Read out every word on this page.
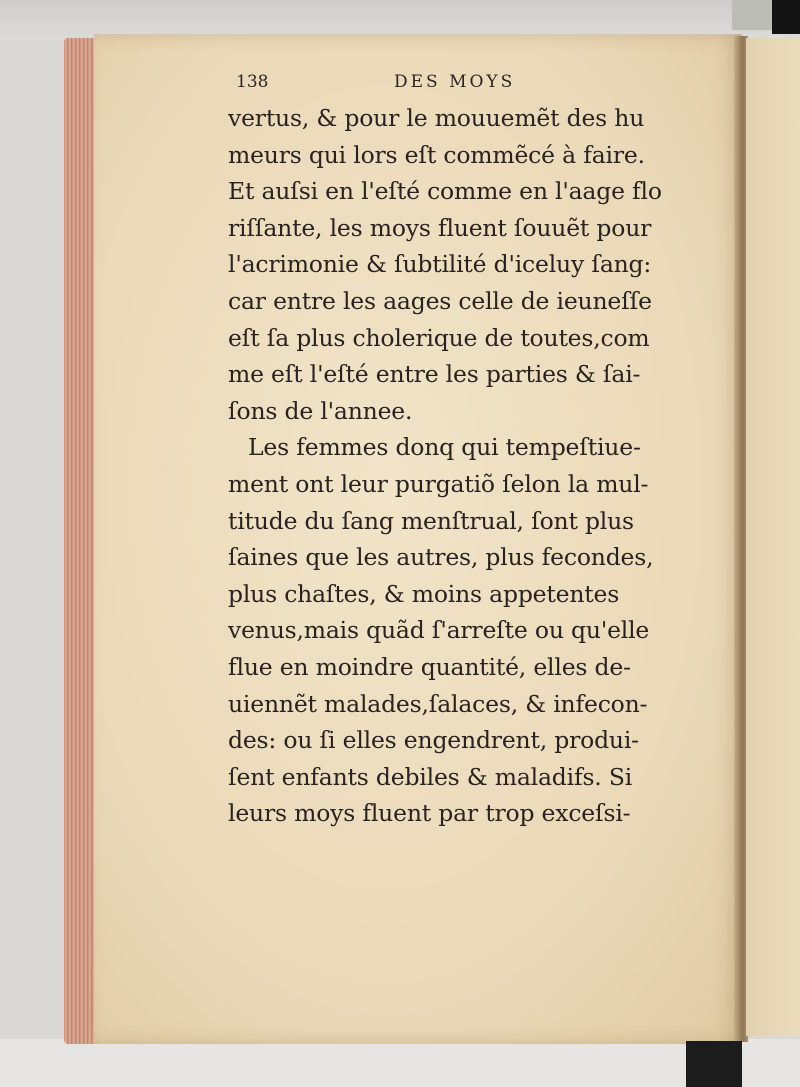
138	DES MOYS
vertus, & pour le mouuemẽt des hu
meurs qui lors eſt commẽcé à faire.
Et auſsi en l'eſté comme en l'aage flo
riſſante, les moys fluent ſouuẽt pour
l'acrimonie & ſubtilité d'iceluy ſang:
car entre les aages celle de ieuneſſe
eſt ſa plus cholerique de toutes,com
me eſt l'eſté entre les parties & ſai-
ſons de l'annee.
Les femmes donq qui tempeſtiue-
ment ont leur purgatiõ ſelon la mul-
titude du ſang menſtrual, ſont plus
ſaines que les autres, plus fecondes,
plus chaſtes, & moins appetentes
venus,mais quãd ſ'arreſte ou qu'elle
flue en moindre quantité, elles de-
uiennẽt malades,ſalaces, & infecon-
des: ou ſi elles engendrent, produi-
ſent enfants debiles & maladifs. Si
leurs moys fluent par trop exceſsi-
